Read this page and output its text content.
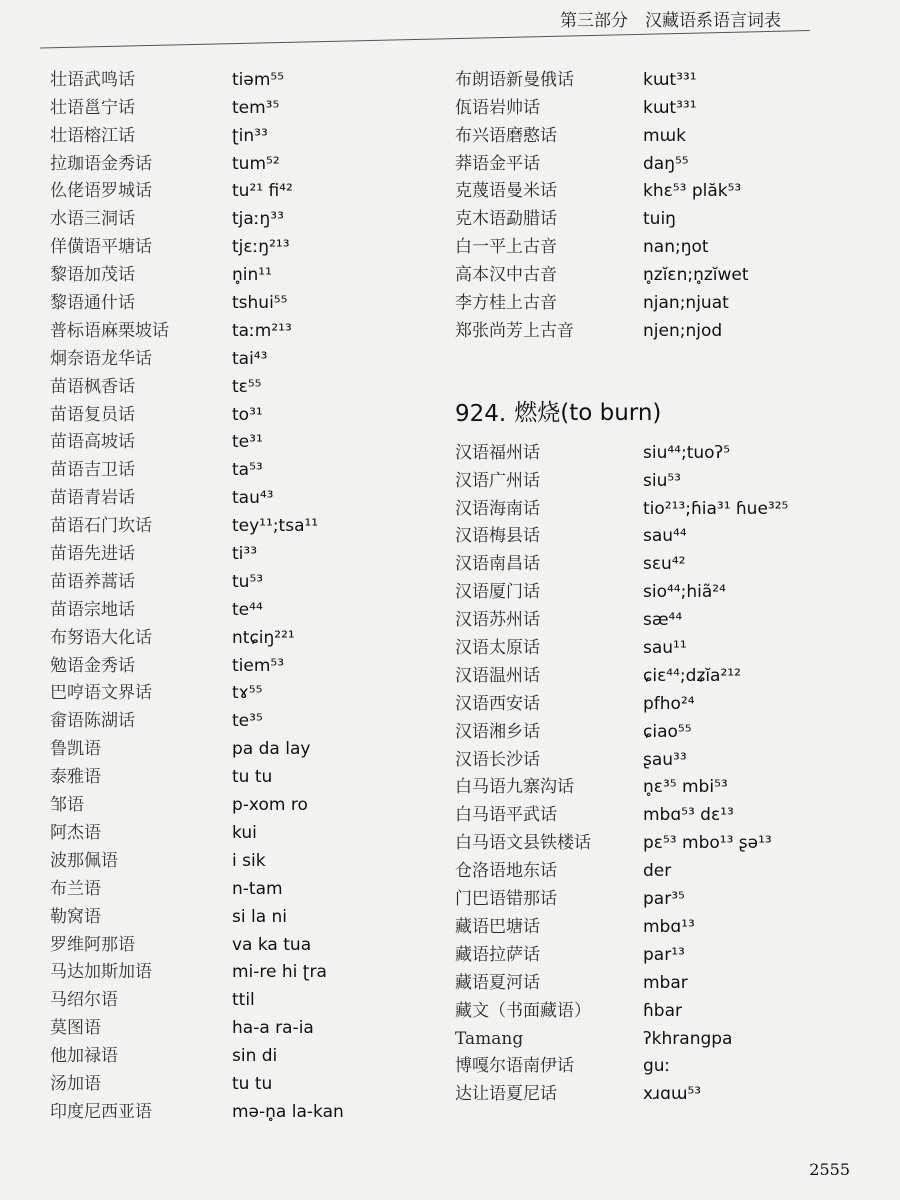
第三部分　汉藏语系语言词表
壮语武鸣话	tiəm⁵⁵
壮语邕宁话	tem³⁵
壮语榕江话	ʈin³³
拉珈语金秀话	tum⁵²
仫佬语罗城话	tu²¹ fi⁴²
水语三洞话	tjaːŋ³³
佯僙语平塘话	tjɛːŋ²¹³
黎语加茂话	n̥in¹¹
黎语通什话	tshui⁵⁵
普标语麻栗坡话	taːm²¹³
炯奈语龙华话	tai⁴³
苗语枫香话	tɛ⁵⁵
苗语复员话	to³¹
苗语高坡话	te³¹
苗语吉卫话	ta⁵³
苗语青岩话	tau⁴³
苗语石门坎话	tey¹¹;tsa¹¹
苗语先进话	ti³³
苗语养蒿话	tu⁵³
苗语宗地话	te⁴⁴
布努语大化话	ntɕiŋ²²¹
勉语金秀话	tiem⁵³
巴哼语文界话	tɤ⁵⁵
畲语陈湖话	te³⁵
鲁凯语	pa da lay
泰雅语	tu tu
邹语	p-xom ro
阿杰语	kui
波那佩语	i sik
布兰语	n-tam
勒窝语	si la ni
罗维阿那语	va ka tua
马达加斯加语	mi-re hi ʈra
马绍尔语	ttil
莫图语	ha-a ra-ia
他加禄语	sin di
汤加语	tu tu
印度尼西亚语	mə-n̥a la-kan
布朗语新曼俄话	kɯt³³¹
佤语岩帅话	kɯt³³¹
布兴语磨憨话	mɯk
莽语金平话	daŋ⁵⁵
克蔑语曼米话	khɛ⁵³ plăk⁵³
克木语勐腊话	tuiŋ
白一平上古音	nan;ŋot
高本汉中古音	n̥zĭɛn;n̥zĭwet
李方桂上古音	njan;njuat
郑张尚芳上古音	njen;njod
924. 燃烧(to burn)
汉语福州话	siu⁴⁴;tuoʔ⁵
汉语广州话	siu⁵³
汉语海南话	tio²¹³;ɦia³¹ ɦue³²⁵
汉语梅县话	sau⁴⁴
汉语南昌话	sɛu⁴²
汉语厦门话	sio⁴⁴;hiã²⁴
汉语苏州话	sæ⁴⁴
汉语太原话	sau¹¹
汉语温州话	ɕiɛ⁴⁴;dʑĭa²¹²
汉语西安话	pfho²⁴
汉语湘乡话	ɕiao⁵⁵
汉语长沙话	ʂau³³
白马语九寨沟话	n̥ɛ³⁵ mbi⁵³
白马语平武话	mbɑ⁵³ dɛ¹³
白马语文县铁楼话	pɛ⁵³ mbo¹³ ʂə¹³
仓洛语地东话	der
门巴语错那话	par³⁵
藏语巴塘话	mbɑ¹³
藏语拉萨话	par¹³
藏语夏河话	mbar
藏文（书面藏语）	ɦbar
Tamang	ʔkhrangpa
博嘎尔语南伊话	guː
达让语夏尼话	xɹɑɯ⁵³
2555
